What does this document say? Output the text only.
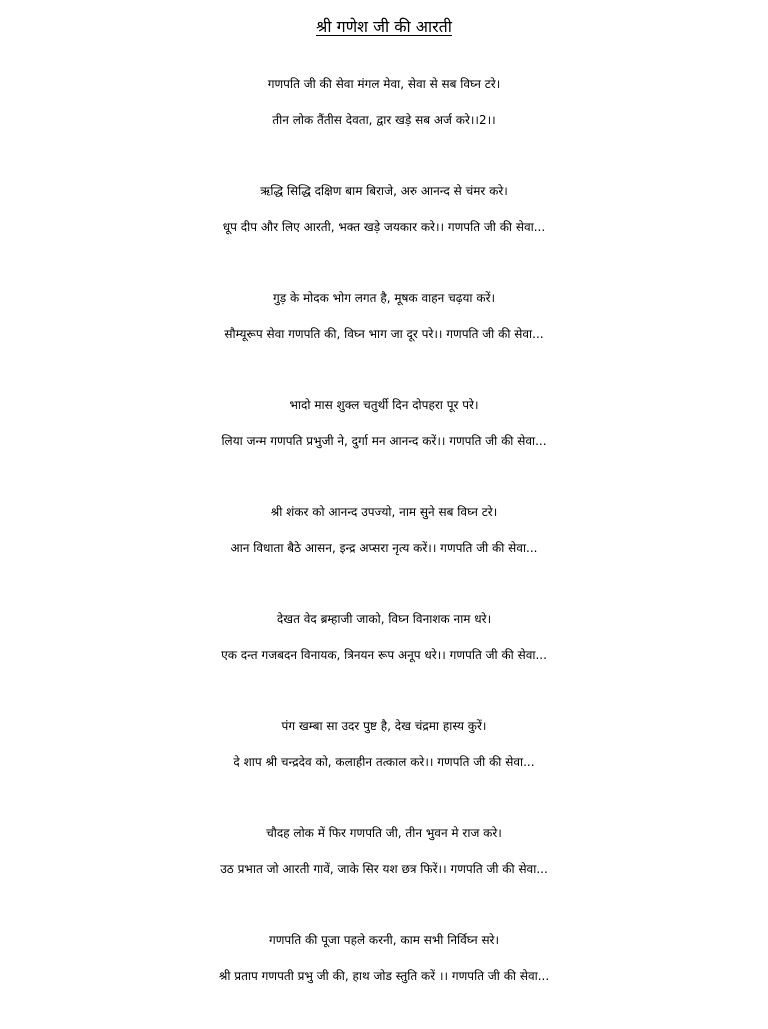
श्री गणेश जी की आरती
गणपति जी की सेवा मंगल मेवा, सेवा से सब विघ्न टरे।
तीन लोक तैंतीस देवता, द्वार खड़े सब अर्ज करे।।2।।
ऋद्धि सिद्धि दक्षिण बाम बिराजे, अरु आनन्द से चंमर करे।
धूप दीप और लिए आरती, भक्त खड़े जयकार करे।। गणपति जी की सेवा...
गुड़ के मोदक भोग लगत है, मूषक वाहन चढ़या करें।
सौम्यूरूप सेवा गणपति की, विघ्न भाग जा दूर परे।। गणपति जी की सेवा...
भादो मास शुक्ल चतुर्थी दिन दोपहरा पूर परे।
लिया जन्म गणपति प्रभुजी ने, दुर्गा मन आनन्द करें।। गणपति जी की सेवा...
श्री शंकर को आनन्द उपज्यो, नाम सुने सब विघ्न टरे।
आन विधाता बैठे आसन, इन्द्र अप्सरा नृत्य करें।। गणपति जी की सेवा...
देखत वेद ब्रम्हाजी जाको, विघ्न विनाशक नाम धरे।
एक दन्त गजबदन विनायक, त्रिनयन रूप अनूप धरे।। गणपति जी की सेवा...
पंग खम्बा सा उदर पुष्ट है, देख चंद्रमा हास्य कुरें।
दे शाप श्री चन्द्रदेव को, कलाहीन तत्काल करे।। गणपति जी की सेवा...
चौदह लोक में फिर गणपति जी, तीन भुवन मे राज करे।
उठ प्रभात जो आरती गावें, जाके सिर यश छत्र फिरें।। गणपति जी की सेवा...
गणपति की पूजा पहले करनी, काम सभी निर्विघ्न सरे।
श्री प्रताप गणपती प्रभु जी की, हाथ जोड स्तुति करें ।। गणपति जी की सेवा...
